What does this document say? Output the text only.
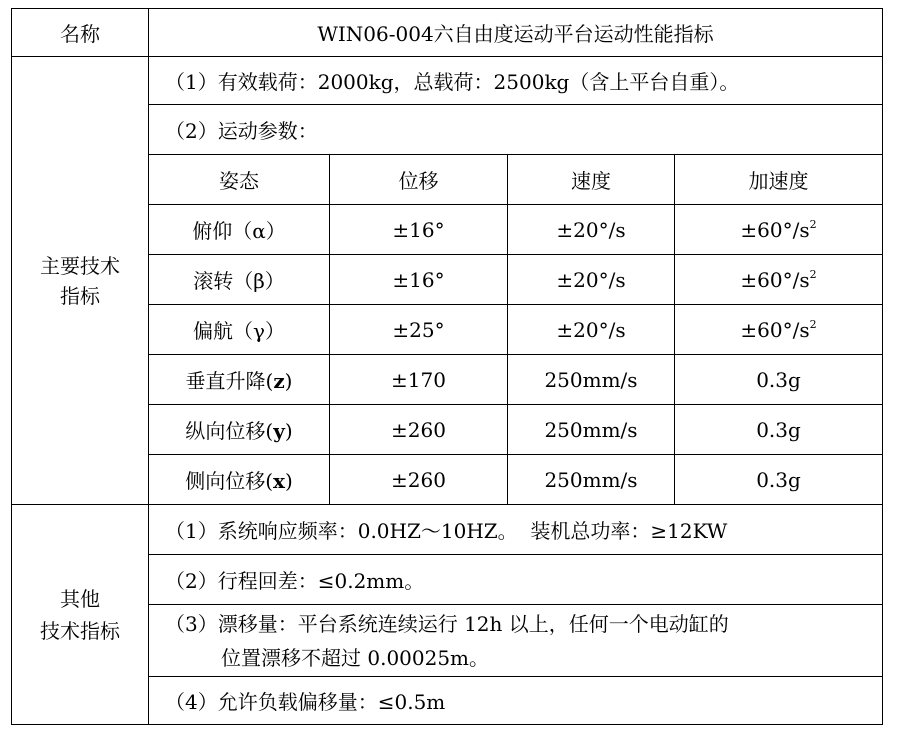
名称	WIN06-004六自由度运动平台运动性能指标			
主要技术
指标	（1）有效载荷：2000kg，总载荷：2500kg（含上平台自重）。			
	（2）运动参数：			
	姿态	位移	速度	加速度
	俯仰（α）	±16°	±20°/s	$\pm 60^\circ/s^2$
	滚转（β）	±16°	±20°/s	$\pm 60^\circ/s^2$
	偏航（γ）	±25°	±20°/s	$\pm 60^\circ/s^2$
	垂直升降(z)	±170	250mm/s	0.3g
	纵向位移(y)	±260	250mm/s	0.3g
	侧向位移(x)	±260	250mm/s	0.3g
其他
技术指标	（1）系统响应频率：0.0HZ～10HZ。  装机总功率：≥12KW			
	（2）行程回差：≤0.2mm。			

	（3）漂移量：平台系统连续运行 12h 以上，任何一个电动缸的
位置漂移不超过 0.00025m。			

	（4）允许负载偏移量：≤0.5m			
